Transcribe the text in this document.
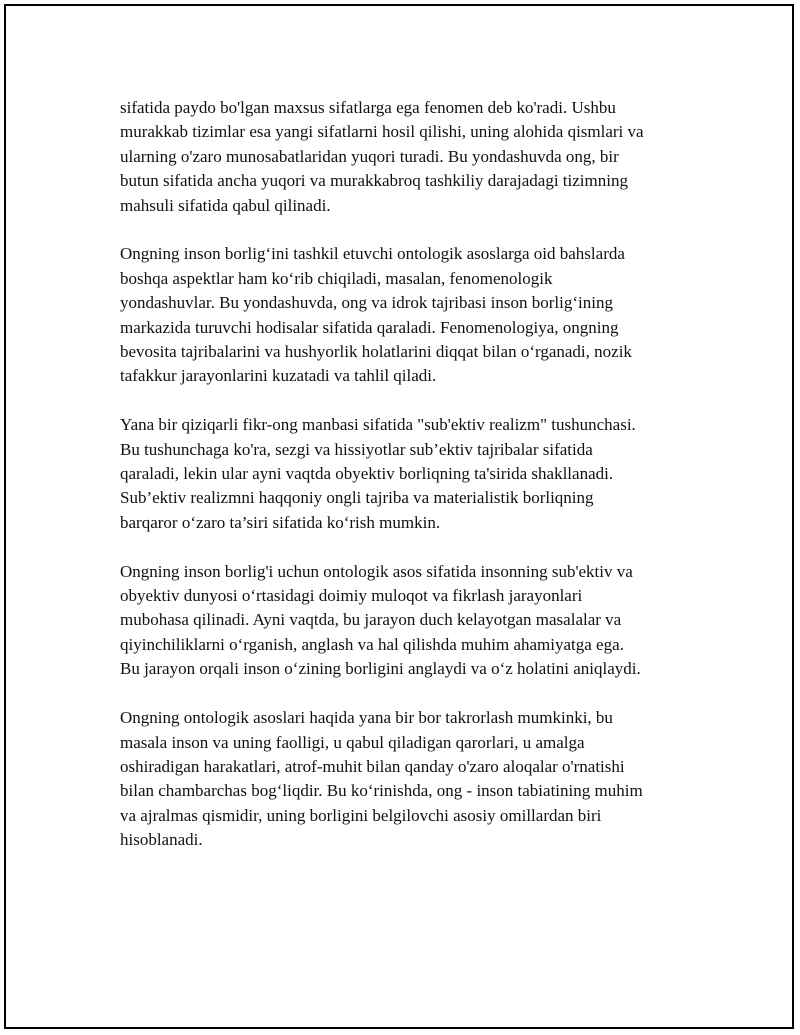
sifatida paydo bo'lgan maxsus sifatlarga ega fenomen deb ko'radi. Ushbu
murakkab tizimlar esa yangi sifatlarni hosil qilishi, uning alohida qismlari va
ularning o'zaro munosabatlaridan yuqori turadi. Bu yondashuvda ong, bir
butun sifatida ancha yuqori va murakkabroq tashkiliy darajadagi tizimning
mahsuli sifatida qabul qilinadi.

Ongning inson borlig‘ini tashkil etuvchi ontologik asoslarga oid bahslarda
boshqa aspektlar ham ko‘rib chiqiladi, masalan, fenomenologik
yondashuvlar. Bu yondashuvda, ong va idrok tajribasi inson borlig‘ining
markazida turuvchi hodisalar sifatida qaraladi. Fenomenologiya, ongning
bevosita tajribalarini va hushyorlik holatlarini diqqat bilan o‘rganadi, nozik
tafakkur jarayonlarini kuzatadi va tahlil qiladi.

Yana bir qiziqarli fikr-ong manbasi sifatida "sub'ektiv realizm" tushunchasi.
Bu tushunchaga ko'ra, sezgi va hissiyotlar sub’ektiv tajribalar sifatida
qaraladi, lekin ular ayni vaqtda obyektiv borliqning ta'sirida shakllanadi.
Sub’ektiv realizmni haqqoniy ongli tajriba va materialistik borliqning
barqaror o‘zaro ta’siri sifatida ko‘rish mumkin.

Ongning inson borlig'i uchun ontologik asos sifatida insonning sub'ektiv va
obyektiv dunyosi o‘rtasidagi doimiy muloqot va fikrlash jarayonlari
mubohasa qilinadi. Ayni vaqtda, bu jarayon duch kelayotgan masalalar va
qiyinchiliklarni o‘rganish, anglash va hal qilishda muhim ahamiyatga ega.
Bu jarayon orqali inson o‘zining borligini anglaydi va o‘z holatini aniqlaydi.

Ongning ontologik asoslari haqida yana bir bor takrorlash mumkinki, bu
masala inson va uning faolligi, u qabul qiladigan qarorlari, u amalga
oshiradigan harakatlari, atrof-muhit bilan qanday o'zaro aloqalar o'rnatishi
bilan chambarchas bog‘liqdir. Bu ko‘rinishda, ong - inson tabiatining muhim
va ajralmas qismidir, uning borligini belgilovchi asosiy omillardan biri
hisoblanadi.
